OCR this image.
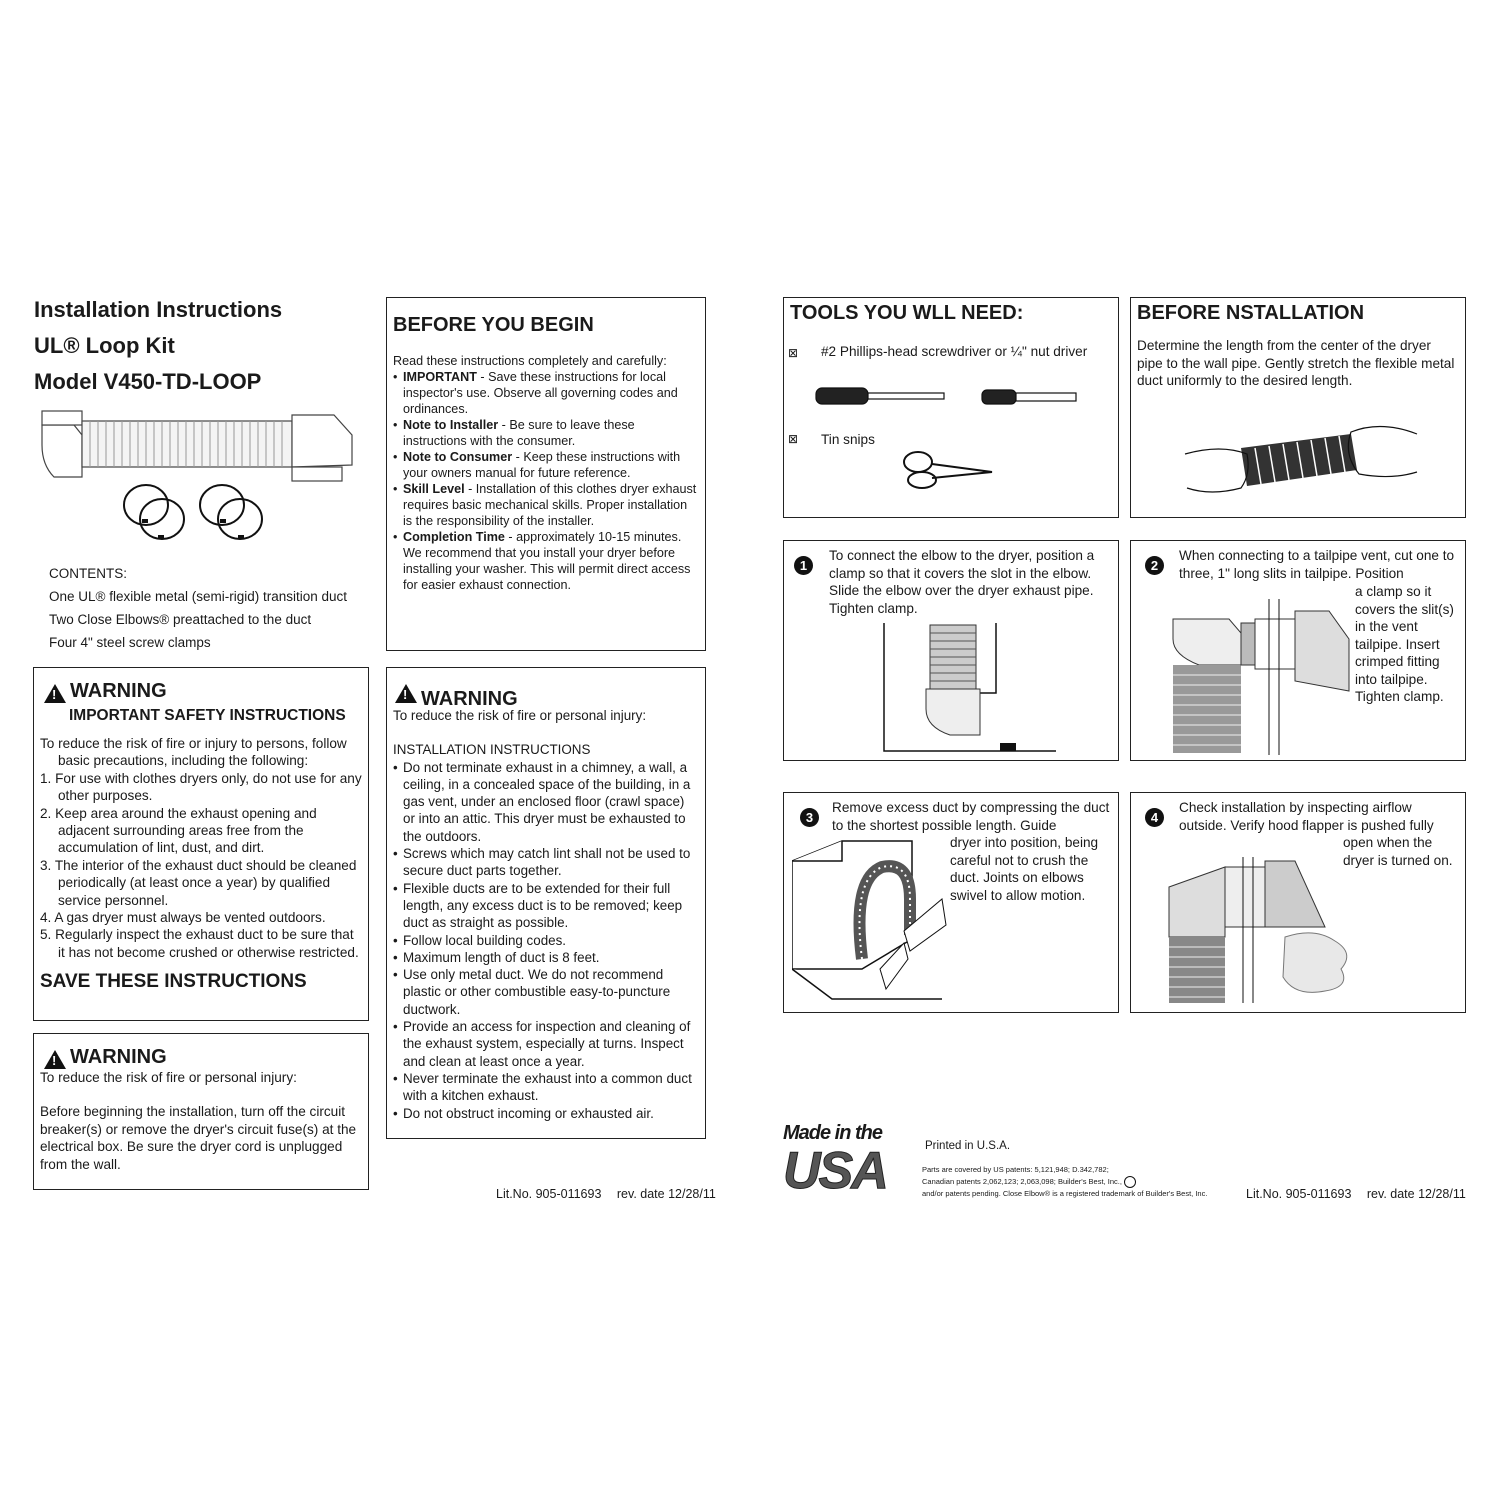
Installation Instructions
UL® Loop Kit
Model V450-TD-LOOP
CONTENTS:
One UL® flexible metal (semi-rigid) transition duct
Two Close Elbows® preattached to the duct
Four 4" steel screw clamps
!
WARNING
IMPORTANT SAFETY INSTRUCTIONS
To reduce the risk of fire or injury to persons, follow basic precautions, including the following:
1. For use with clothes dryers only, do not use for any other purposes.
2. Keep area around the exhaust opening and adjacent surrounding areas free from the accumulation of lint, dust, and dirt.
3. The interior of the exhaust duct should be cleaned periodically (at least once a year) by qualified service personnel.
4. A gas dryer must always be vented outdoors.
5. Regularly inspect the exhaust duct to be sure that it has not become crushed or otherwise restricted.
SAVE THESE INSTRUCTIONS
!
WARNING
To reduce the risk of fire or personal injury:
Before beginning the installation, turn off the circuit breaker(s) or remove the dryer's circuit fuse(s) at the electrical box. Be sure the dryer cord is unplugged from the wall.
BEFORE YOU BEGIN
Read these instructions completely and carefully:
• IMPORTANT - Save these instructions for local inspector's use. Observe all governing codes and ordinances.
• Note to Installer - Be sure to leave these instructions with the consumer.
• Note to Consumer - Keep these instructions with your owners manual for future reference.
• Skill Level - Installation of this clothes dryer exhaust requires basic mechanical skills. Proper installation is the responsibility of the installer.
• Completion Time - approximately 10-15 minutes. We recommend that you install your dryer before installing your washer. This will permit direct access for easier exhaust connection.
!
WARNING
To reduce the risk of fire or personal injury:
INSTALLATION INSTRUCTIONS
• Do not terminate exhaust in a chimney, a wall, a ceiling, in a concealed space of the building, in a gas vent, under an enclosed floor (crawl space) or into an attic. This dryer must be exhausted to the outdoors.
• Screws which may catch lint shall not be used to secure duct parts together.
• Flexible ducts are to be extended for their full length, any excess duct is to be removed; keep duct as straight as possible.
• Follow local building codes.
• Maximum length of duct is 8 feet.
• Use only metal duct. We do not recommend plastic or other combustible easy-to-puncture ductwork.
• Provide an access for inspection and cleaning of the exhaust system, especially at turns. Inspect and clean at least once a year.
• Never terminate the exhaust into a common duct with a kitchen exhaust.
• Do not obstruct incoming or exhausted air.
Lit.No. 905-011693 rev. date 12/28/11
TOOLS YOU WLL NEED:
⊠ #2 Phillips-head screwdriver or ¼" nut driver
⊠ Tin snips
BEFORE NSTALLATION
Determine the length from the center of the dryer pipe to the wall pipe. Gently stretch the flexible metal duct uniformly to the desired length.
1
To connect the elbow to the dryer, position a clamp so that it covers the slot in the elbow. Slide the elbow over the dryer exhaust pipe. Tighten clamp.
2
When connecting to a tailpipe vent, cut one to three, 1" long slits in tailpipe. Position
a clamp so it covers the slit(s) in the vent tailpipe. Insert crimped fitting into tailpipe. Tighten clamp.
3
Remove excess duct by compressing the duct to the shortest possible length. Guide
dryer into position, being careful not to crush the duct. Joints on elbows swivel to allow motion.
4
Check installation by inspecting airflow outside. Verify hood flapper is pushed fully
open when the dryer is turned on.
Made in the
USA	Printed in U.S.A.
Parts are covered by US patents: 5,121,948; D.342,782;
Canadian patents 2,062,123; 2,063,098; Builder's Best, Inc.,
and/or patents pending. Close Elbow® is a registered trademark of Builder's Best, Inc.	Lit.No. 905-011693 rev. date 12/28/11
